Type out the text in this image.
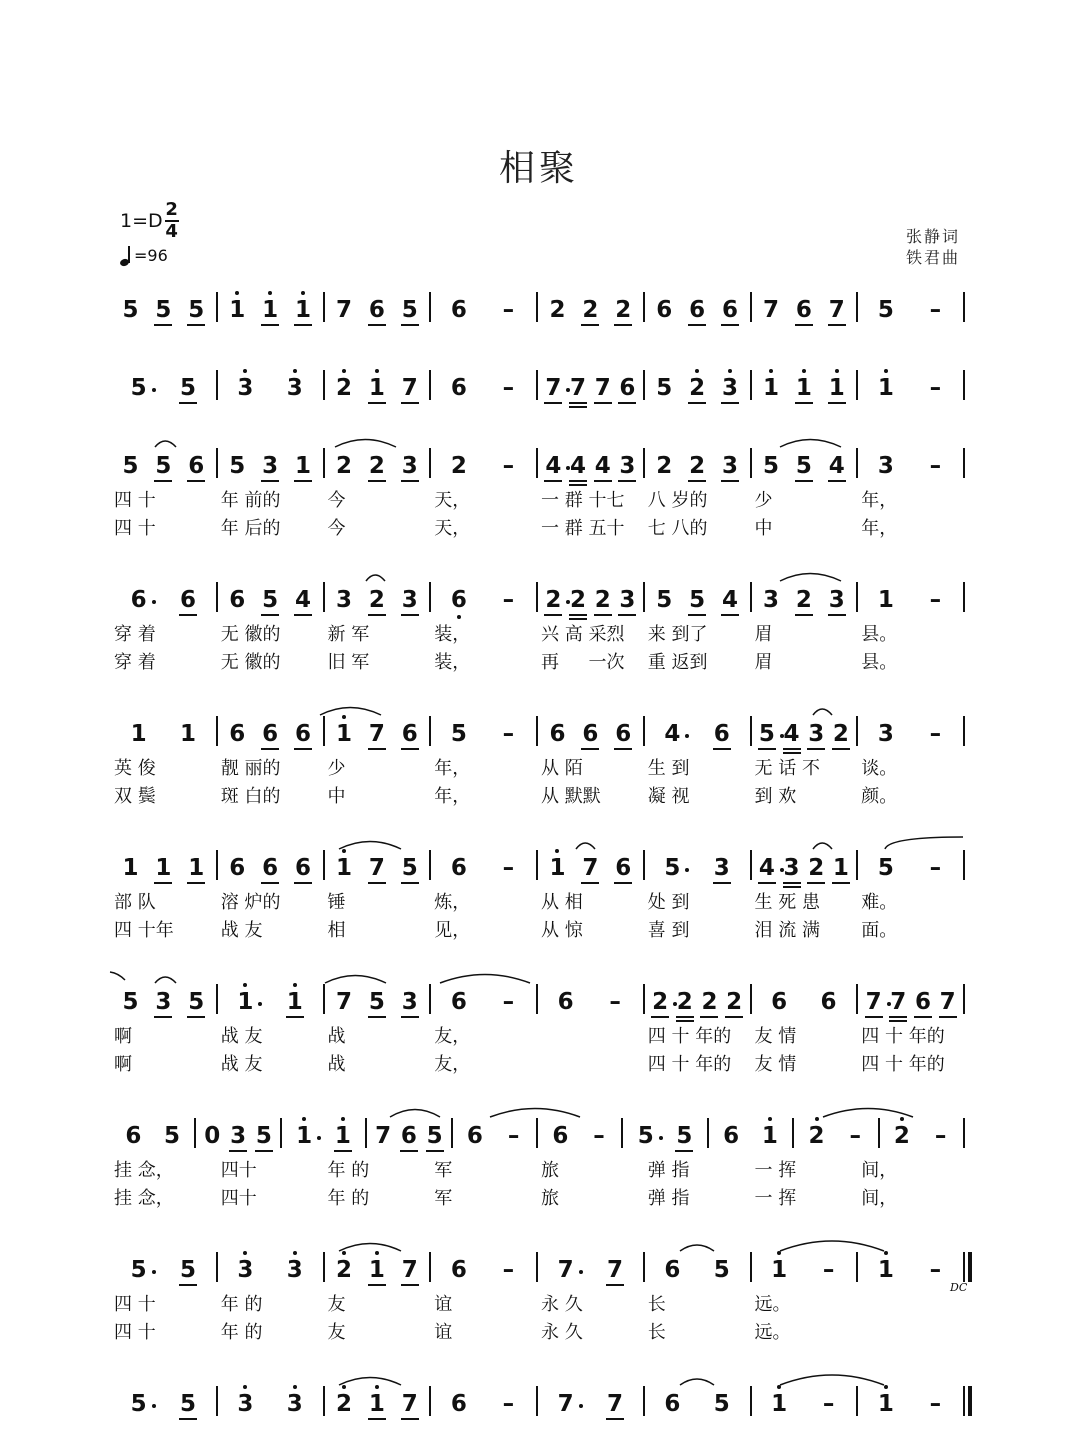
相聚
$1=D \frac{2}{4}$
=96
张静词
铁君曲
5 5 5 1 1 1 7 6 5 6 – 2 2 2 6 6 6 7 6 7 5 –
5 5 3 3 2 1 7 6 – 7 7 7 6 5 2 3 1 1 1 1 –
5 5 6 5 3 1 2 2 3 2 – 4 4 4 3 2 2 3 5 5 4 3 –
四 十	年 前的	今	天，	一 群 十七 八 岁的	少	年，
四 十	年 后的	今	天，	一 群 五十 七 八的	中	年，
6 6 6 5 4 3 2 3 6 – 2 2 2 3 5 5 4 3 2 3 1 –
穿 着	无 徽的	新 军	装，	兴 高 采烈 来 到了	眉	县。
穿 着	无 徽的	旧 军	装，	再 　 一次 重 返到	眉	县。
1 1 6 6 6 1 7 6 5 – 6 6 6 4 6 5 4 3 2 3 –
英 俊	靓 丽的	少	年，	从 陌	生 到	无 话 不 谈。
双 鬓	斑 白的	中	年，	从 默默	凝 视	到 欢	颜。
1 1 1 6 6 6 1 7 5 6 – 1 7 6 5 3 4 3 2 1 5 –
部 队	溶 炉的	锤	炼，	从 相	处 到	生 死 患 难。
四 十年	战 友	相	见，	从 惊	喜 到	泪 流 满 面。
5 3 5 1 1 7 5 3 6 – 6 – 2 2 2 2 6 6 7 7 6 7
啊	战 友	战	友，	四 十 年的 友 情	四 十 年的
啊	战 友	战	友，	四 十 年的 友 情	四 十 年的
6 5 0 3 5 1 1 7 6 5 6 – 6 – 5 5 6 1 2 – 2 –
挂 念，	四十	年 的	军	旅	弹 指	一 挥	间，
挂 念，	四十	年 的	军	旅	弹 指	一 挥	间，
5 5 3 3 2 1 7 6 – 7 7 6 5 1 – 1 –
四 十	年 的	友	谊	永 久	长	远。
四 十	年 的	友	谊	永 久	长	远。
5 5 3 3 2 1 7 6 – 7 7 6 5 1 – 1 –
DC
